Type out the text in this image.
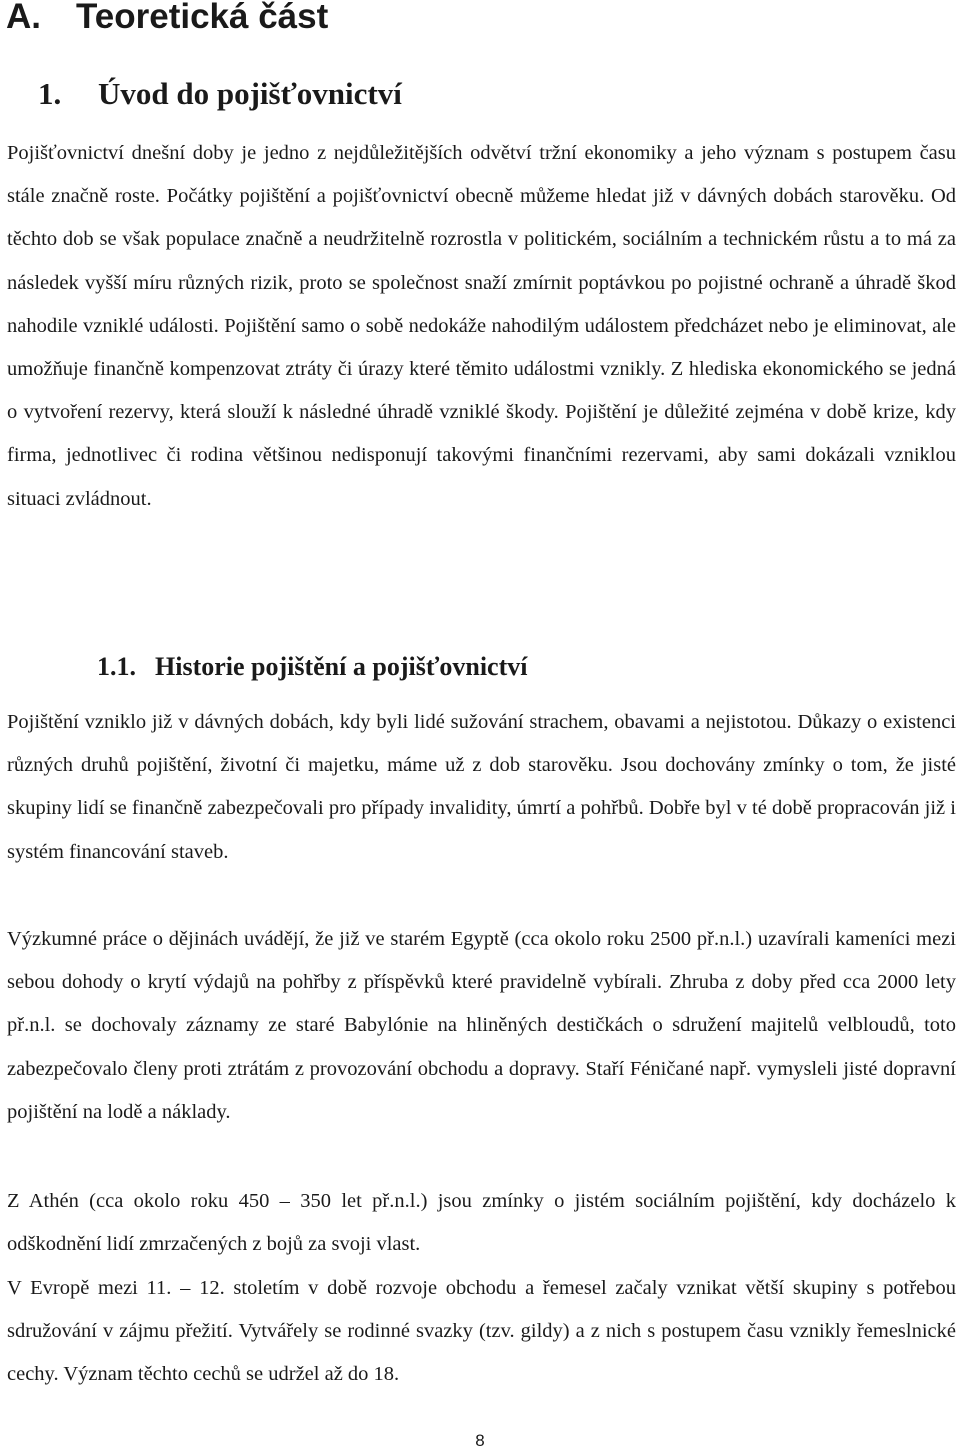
A. Teoretická část
1. Úvod do pojišťovnictví

Pojišťovnictví dnešní doby je jedno z nejdůležitějších odvětví tržní ekonomiky a jeho význam s postupem času stále značně roste. Počátky pojištění a pojišťovnictví obecně můžeme hledat již v dávných dobách starověku. Od těchto dob se však populace značně a neudržitelně rozrostla v politickém, sociálním a technickém růstu a to má za následek vyšší míru různých rizik, proto se společnost snaží zmírnit poptávkou po pojistné ochraně a úhradě škod nahodile vzniklé události. Pojištění samo o sobě nedokáže nahodilým událostem předcházet nebo je eliminovat, ale umožňuje finančně kompenzovat ztráty či úrazy které těmito událostmi vznikly. Z hlediska ekonomického se jedná o vytvoření rezervy, která slouží k následné úhradě vzniklé škody. Pojištění je důležité zejména v době krize, kdy firma, jednotlivec či rodina většinou nedisponují takovými finančními rezervami, aby sami dokázali vzniklou situaci zvládnout.

1.1. Historie pojištění a pojišťovnictví

Pojištění vzniklo již v dávných dobách, kdy byli lidé sužování strachem, obavami a nejistotou. Důkazy o existenci různých druhů pojištění, životní či majetku, máme už z dob starověku. Jsou dochovány zmínky o tom, že jisté skupiny lidí se finančně zabezpečovali pro případy invalidity, úmrtí a pohřbů. Dobře byl v té době propracován již i systém financování staveb.

Výzkumné práce o dějinách uvádějí, že již ve starém Egyptě (cca okolo roku 2500 př.n.l.) uzavírali kameníci mezi sebou dohody o krytí výdajů na pohřby z příspěvků které pravidelně vybírali. Zhruba z doby před cca 2000 lety př.n.l. se dochovaly záznamy ze staré Babylónie na hliněných destičkách o sdružení majitelů velbloudů, toto zabezpečovalo členy proti ztrátám z provozování obchodu a dopravy. Staří Féničané např. vymysleli jisté dopravní pojištění na lodě a náklady.

Z Athén (cca okolo roku 450 – 350 let př.n.l.) jsou zmínky o jistém sociálním pojištění, kdy docházelo k odškodnění lidí zmrzačených z bojů za svoji vlast.

V Evropě mezi 11. – 12. stoletím v době rozvoje obchodu a řemesel začaly vznikat větší skupiny s potřebou sdružování v zájmu přežití. Vytvářely se rodinné svazky (tzv. gildy) a z nich s postupem času vznikly řemeslnické cechy. Význam těchto cechů se udržel až do 18.

8
